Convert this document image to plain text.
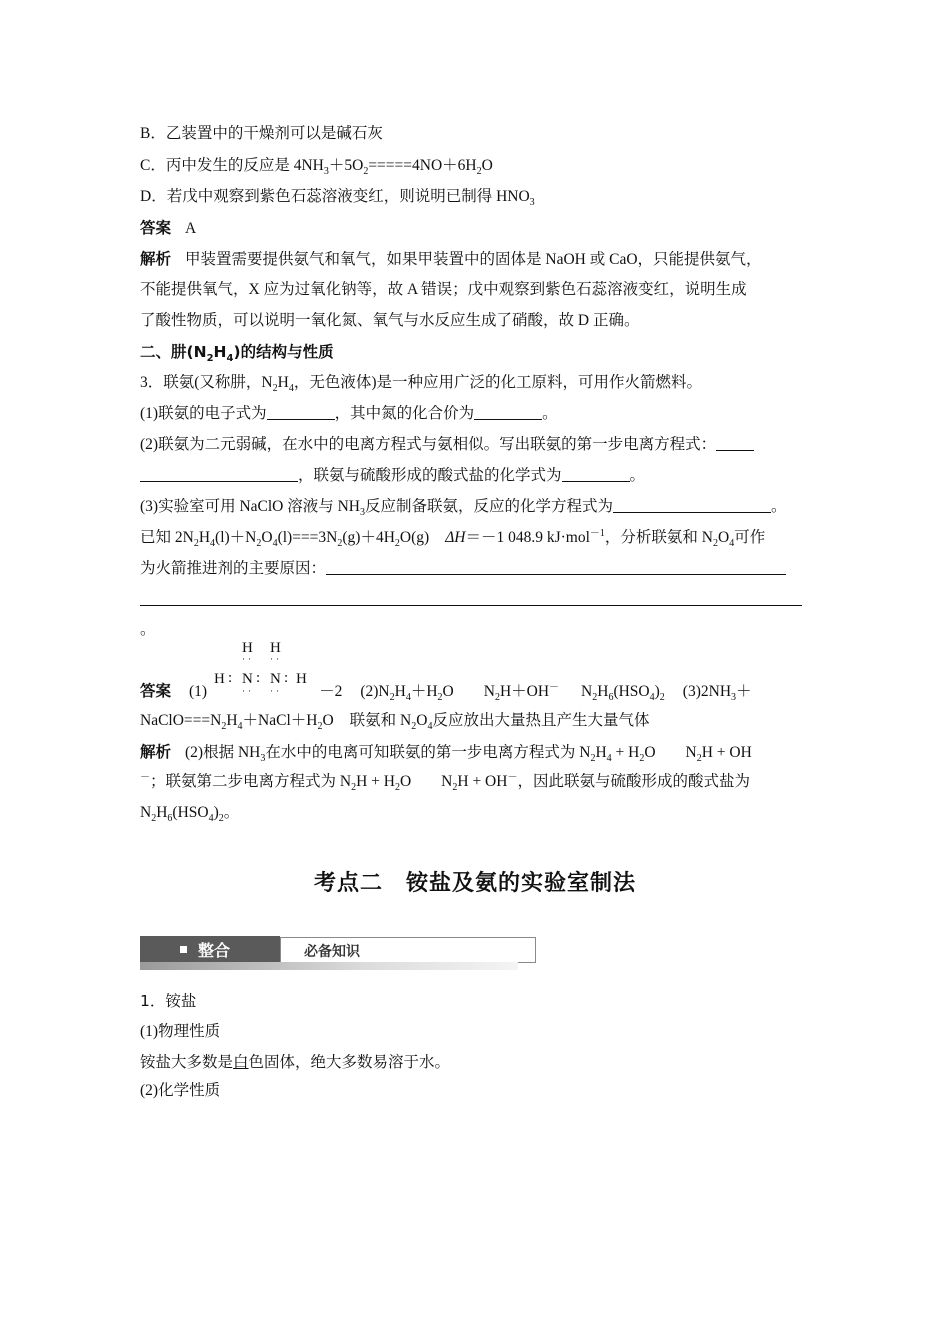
B．乙装置中的干燥剂可以是碱石灰
C．丙中发生的反应是 $4NH_3+5O_2=====4NO+6H_2O$
D．若戊中观察到紫色石蕊溶液变红，则说明已制得 $HNO_3$
答案 A
解析 甲装置需要提供氨气和氧气，如果甲装置中的固体是 NaOH 或 CaO，只能提供氨气，
不能提供氧气，X 应为过氧化钠等，故 A 错误；戊中观察到紫色石蕊溶液变红，说明生成
了酸性物质，可以说明一氧化氮、氧气与水反应生成了硝酸，故 D 正确。
二、肼$(N_2H_4)$的结构与性质
3．联氨(又称肼，$N_2H_4$，无色液体)是一种应用广泛的化工原料，可用作火箭燃料。
(1)联氨的电子式为	，其中氮的化合价为	。
(2)联氨为二元弱碱，在水中的电离方程式与氨相似。写出联氨的第一步电离方程式：
，联氨与硫酸形成的酸式盐的化学式为	。
(3)实验室可用 NaClO 溶液与 $NH_3$反应制备联氨，反应的化学方程式为	。
已知 $2N_2H_4(l)+N_2O_4(l)===3N_2(g)+4H_2O(g)$ ΔH＝－1 048.9 kJ·mol$^{-1}$，分析联氨和 $N_2O_4$可作
为火箭推进剂的主要原因：
。
H H
·· ··
H : N : N : H
·· ··
答案 (1)	－2 $(2)N_2H_4+H_2O$ $N_2H+OH^-$ $N_2H_6(HSO_4)_2$ $(3)2NH_3+$
$NaClO===N_2H_4+NaCl+H_2O$ 联氨和 $N_2O_4$反应放出大量热且产生大量气体
解析 (2)根据 $NH_3$在水中的电离可知联氨的第一步电离方程式为 $N_2H_4 + H_2O$ $N_2H$ + OH
－；联氨第二步电离方程式为 $N_2H + H_2O$ $N_2H + OH^-$，因此联氨与硫酸形成的酸式盐为
$N_2H_6(HSO_4)_2$。
考点二　铵盐及氨的实验室制法
整合	必备知识
1．铵盐
(1)物理性质
铵盐大多数是白色固体，绝大多数易溶于水。
(2)化学性质
